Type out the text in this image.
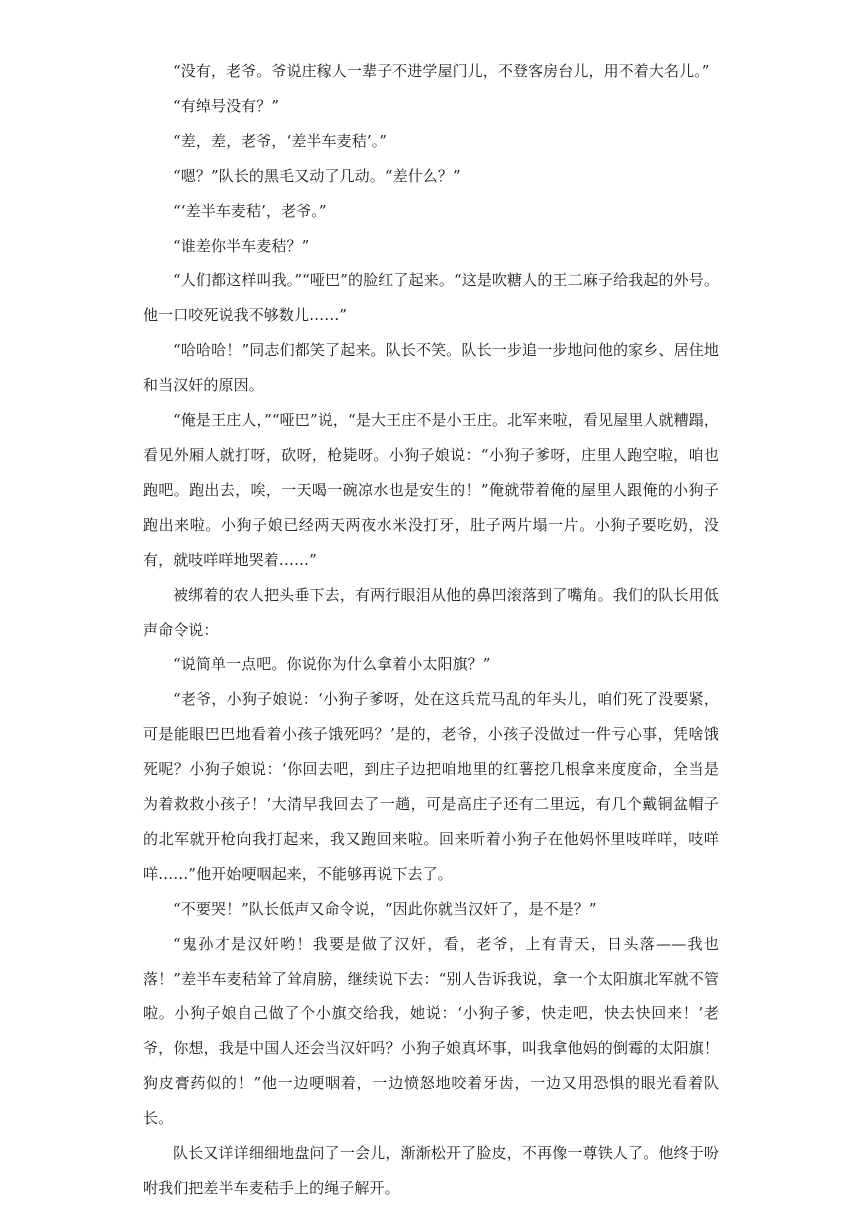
“没有，老爷。爷说庄稼人一辈子不进学屋门儿，不登客房台儿，用不着大名儿。”

“有绰号没有？”

“差，差，老爷，‘差半车麦秸’。”

“嗯？”队长的黑毛又动了几动。“差什么？”

“‘差半车麦秸’，老爷。”

“谁差你半车麦秸？”

“人们都这样叫我。”“哑巴”的脸红了起来。“这是吹糖人的王二麻子给我起的外号。他一口咬死说我不够数儿……”

“哈哈哈！”同志们都笑了起来。队长不笑。队长一步追一步地问他的家乡、居住地和当汉奸的原因。

“俺是王庄人，”“哑巴”说，“是大王庄不是小王庄。北军来啦，看见屋里人就糟蹋，看见外厢人就打呀，砍呀，枪毙呀。小狗子娘说：“小狗子爹呀，庄里人跑空啦，咱也跑吧。跑出去，唉，一天喝一碗凉水也是安生的！”俺就带着俺的屋里人跟俺的小狗子跑出来啦。小狗子娘已经两天两夜水米没打牙，肚子两片塌一片。小狗子要吃奶，没有，就吱咩咩地哭着……”

被绑着的农人把头垂下去，有两行眼泪从他的鼻凹滚落到了嘴角。我们的队长用低声命令说：

“说简单一点吧。你说你为什么拿着小太阳旗？”

“老爷，小狗子娘说：‘小狗子爹呀，处在这兵荒马乱的年头儿，咱们死了没要紧，可是能眼巴巴地看着小孩子饿死吗？’是的，老爷，小孩子没做过一件亏心事，凭啥饿死呢？小狗子娘说：‘你回去吧，到庄子边把咱地里的红薯挖几根拿来度度命，全当是为着救救小孩子！’大清早我回去了一趟，可是高庄子还有二里远，有几个戴铜盆帽子的北军就开枪向我打起来，我又跑回来啦。回来听着小狗子在他妈怀里吱咩咩，吱咩咩……”他开始哽咽起来，不能够再说下去了。

“不要哭！”队长低声又命令说，“因此你就当汉奸了，是不是？”

“鬼孙才是汉奸哟！我要是做了汉奸，看，老爷，上有青天，日头落——我也落！”差半车麦秸耸了耸肩膀，继续说下去：“别人告诉我说，拿一个太阳旗北军就不管啦。小狗子娘自己做了个小旗交给我，她说：‘小狗子爹，快走吧，快去快回来！’老爷，你想，我是中国人还会当汉奸吗？小狗子娘真坏事，叫我拿他妈的倒霉的太阳旗！狗皮膏药似的！”他一边哽咽着，一边愤怒地咬着牙齿，一边又用恐惧的眼光看着队长。

队长又详详细细地盘问了一会儿，渐渐松开了脸皮，不再像一尊铁人了。他终于吩咐我们把差半车麦秸手上的绳子解开。
